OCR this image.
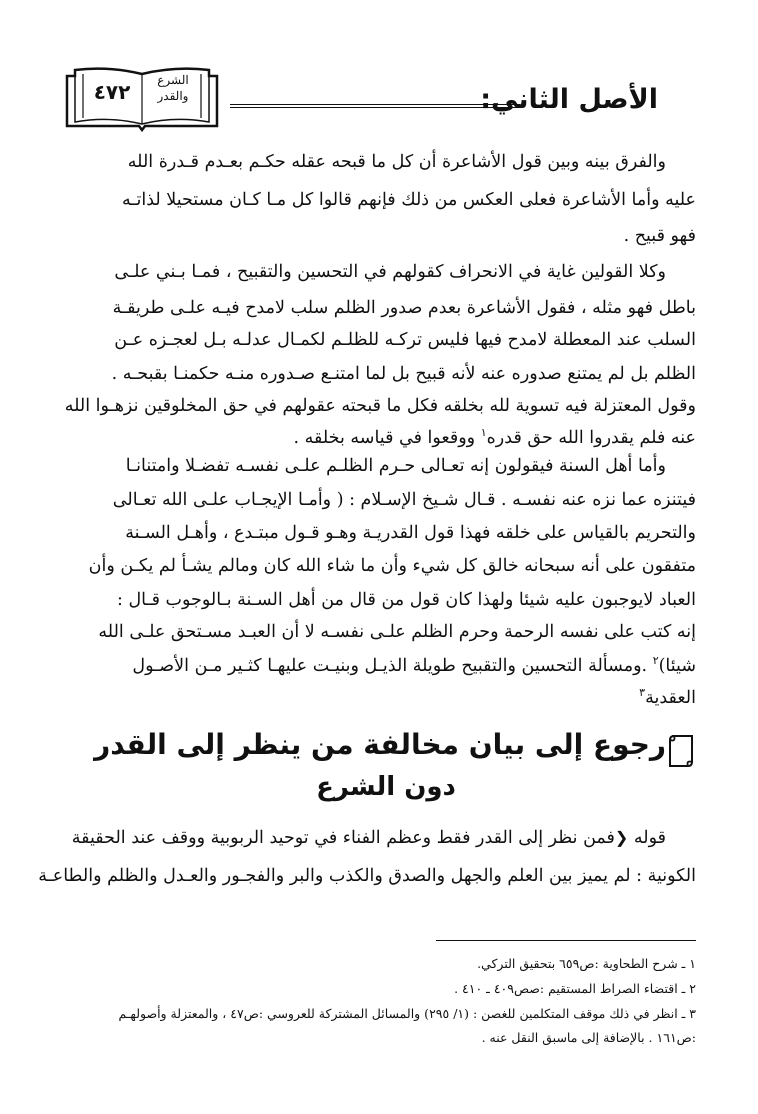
الأصل الثاني:
٤٧٢	الشرع
والقدر
والفرق بينه وبين قول الأشاعرة أن كل ما قبحه عقله حكـم بعـدم قـدرة الله
عليه وأما الأشاعرة فعلى العكس من ذلك فإنهم قالوا كل مـا كـان مستحيلا لذاتـه
فهو قبيح .
وكلا القولين غاية في الانحراف كقولهم في التحسين والتقبيح ، فمـا بـني علـى
باطل فهو مثله ، فقول الأشاعرة بعدم صدور الظلم سلب لامدح فيـه علـى طريقـة
السلب عند المعطلة لامدح فيها فليس تركـه للظلـم لكمـال عدلـه بـل لعجـزه عـن
الظلم بل لم يمتنع صدوره عنه لأنه قبيح بل لما امتنـع صـدوره منـه حكمنـا بقبحـه .
وقول المعتزلة فيه تسوية لله بخلقه فكل ما قبحته عقولهم في حق المخلوقين نزهـوا الله
عنه فلم يقدروا الله حق قدره$^١$ ووقعوا في قياسه بخلقه .
وأما أهل السنة فيقولون إنه تعـالى حـرم الظلـم علـى نفسـه تفضـلا وامتنانـا
فيتنزه عما نزه عنه نفسـه . قـال شـيخ الإسـلام : ( وأمـا الإيجـاب علـى الله تعـالى
والتحريم بالقياس على خلقه فهذا قول القدريـة وهـو قـول مبتـدع ، وأهـل السـنة
متفقون على أنه سبحانه خالق كل شيء وأن ما شاء الله كان ومالم يشـأ لم يكـن وأن
العباد لايوجبون عليه شيئا ولهذا كان قول من قال من أهل السـنة بـالوجوب قـال :
رجوع إلى بيان مخالفة من ينظر إلى القدر
دون الشرع
قوله ❮فمن نظر إلى القدر فقط وعظم الفناء في توحيد الربوبية ووقف عند الحقيقة
الكونية : لم يميز بين العلم والجهل والصدق والكذب والبر والفجـور والعـدل والظلم والطاعـة
١ ـ شرح الطحاوية :ص٦٥٩ بتحقيق التركي.
٢ ـ اقتضاء الصراط المستقيم :صص٤٠٩ ـ ٤١٠ .
٣ ـ انظر في ذلك موقف المتكلمين للغصن : (١/ ٢٩٥) والمسائل المشتركة للعروسي :ص٤٧ ، والمعتزلة وأصولهـم
:ص١٦١ . بالإضافة إلى ماسبق النقل عنه .
إنه كتب على نفسه الرحمة وحرم الظلم علـى نفسـه لا أن العبـد مسـتحق علـى الله
شيئا)$^٢$ .ومسألة التحسين والتقبيح طويلة الذيـل وبنيـت عليهـا كثـير مـن الأصـول
العقدية$^٣$
